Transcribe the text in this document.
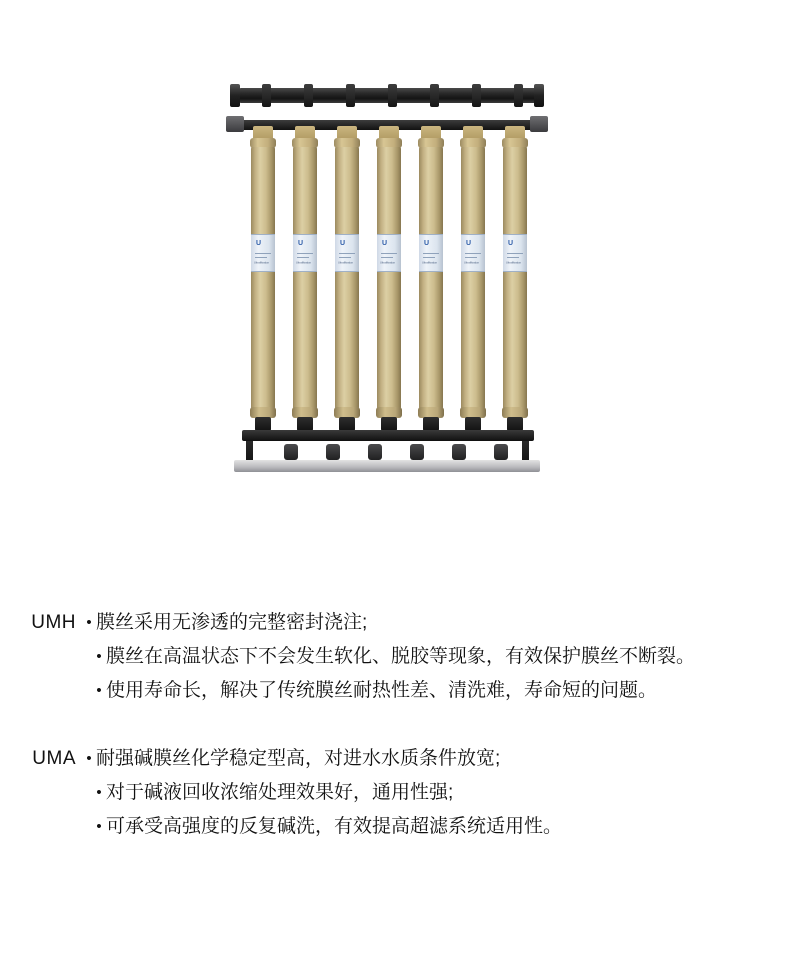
U
Ultrafiltration
U
Ultrafiltration
U
Ultrafiltration
U
Ultrafiltration
U
Ultrafiltration
U
Ultrafiltration
U
Ultrafiltration
UMH • 膜丝采用无渗透的完整密封浇注;
• 膜丝在高温状态下不会发生软化、脱胶等现象，有效保护膜丝不断裂。
• 使用寿命长，解决了传统膜丝耐热性差、清洗难，寿命短的问题。
UMA • 耐强碱膜丝化学稳定型高，对进水水质条件放宽;
• 对于碱液回收浓缩处理效果好，通用性强;
• 可承受高强度的反复碱洗，有效提高超滤系统适用性。
